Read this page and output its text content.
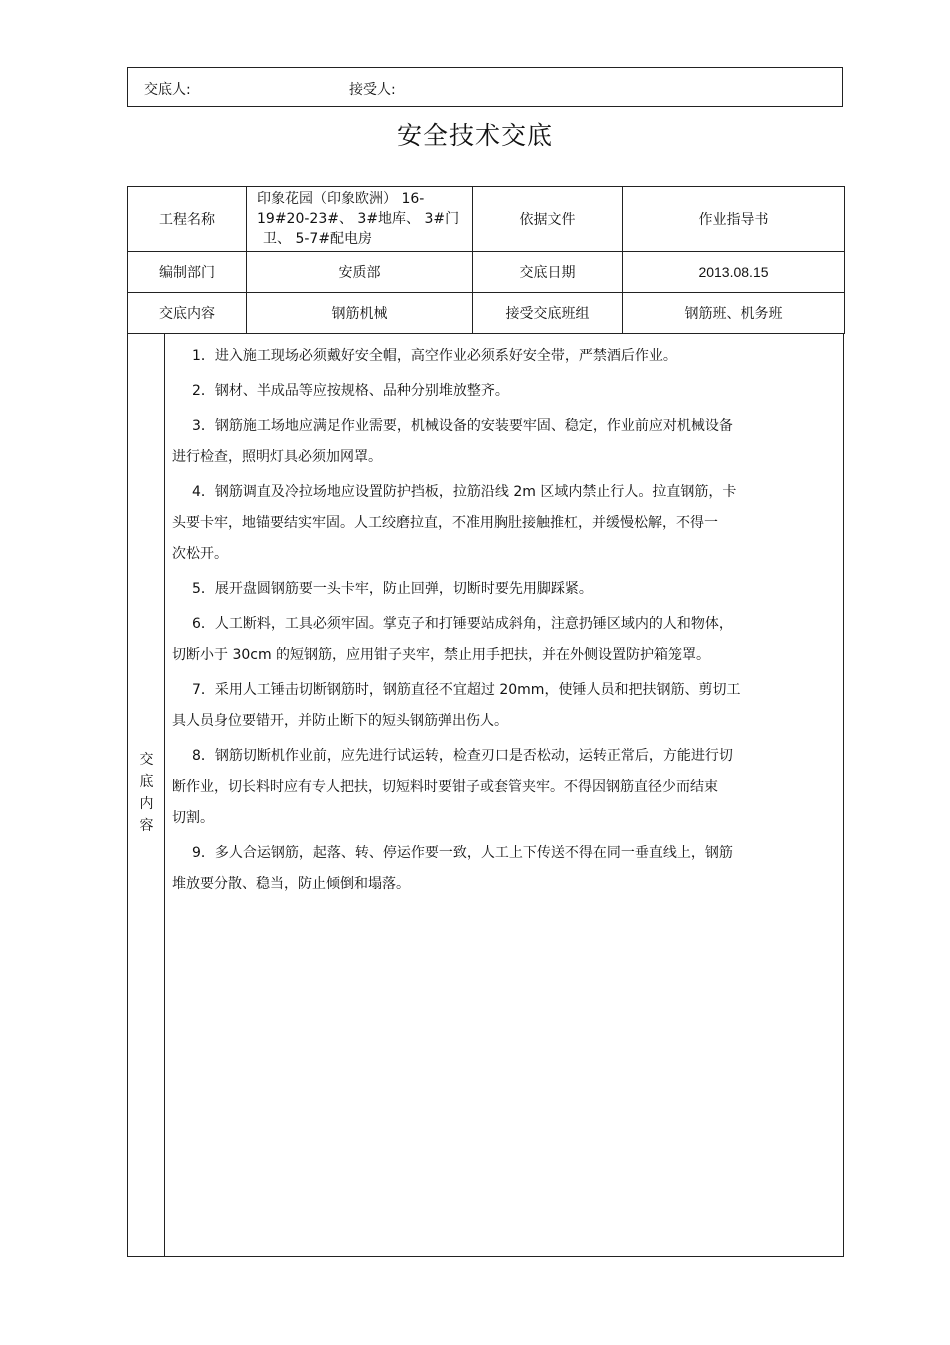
交底人:	接受人:
安全技术交底
工程名称	印象花园（印象欧洲） 16-
19#20-23#、 3#地库、 3#门
卫、 5-7#配电房	依据文件	作业指导书
编制部门	安质部	交底日期	2013.08.15
交底内容	钢筋机械	接受交底班组	钢筋班、机务班
交
底
内
容
1．进入施工现场必须戴好安全帽，高空作业必须系好安全带，严禁酒后作业。
2．钢材、半成品等应按规格、品种分别堆放整齐。
3．钢筋施工场地应满足作业需要，机械设备的安装要牢固、稳定，作业前应对机械设备
进行检查，照明灯具必须加网罩。
4．钢筋调直及冷拉场地应设置防护挡板，拉筋沿线 2m 区域内禁止行人。拉直钢筋，卡
头要卡牢，地锚要结实牢固。人工绞磨拉直，不准用胸肚接触推杠，并缓慢松解，不得一
次松开。
5．展开盘圆钢筋要一头卡牢，防止回弹，切断时要先用脚踩紧。
6．人工断料，工具必须牢固。掌克子和打锤要站成斜角，注意扔锤区域内的人和物体，
切断小于 30cm 的短钢筋，应用钳子夹牢，禁止用手把扶，并在外侧设置防护箱笼罩。
7．采用人工锤击切断钢筋时，钢筋直径不宜超过 20mm，使锤人员和把扶钢筋、剪切工
具人员身位要错开，并防止断下的短头钢筋弹出伤人。
8．钢筋切断机作业前，应先进行试运转，检查刃口是否松动，运转正常后，方能进行切
断作业，切长料时应有专人把扶，切短料时要钳子或套管夹牢。不得因钢筋直径少而结束
切割。
9．多人合运钢筋，起落、转、停运作要一致，人工上下传送不得在同一垂直线上，钢筋
堆放要分散、稳当，防止倾倒和塌落。
